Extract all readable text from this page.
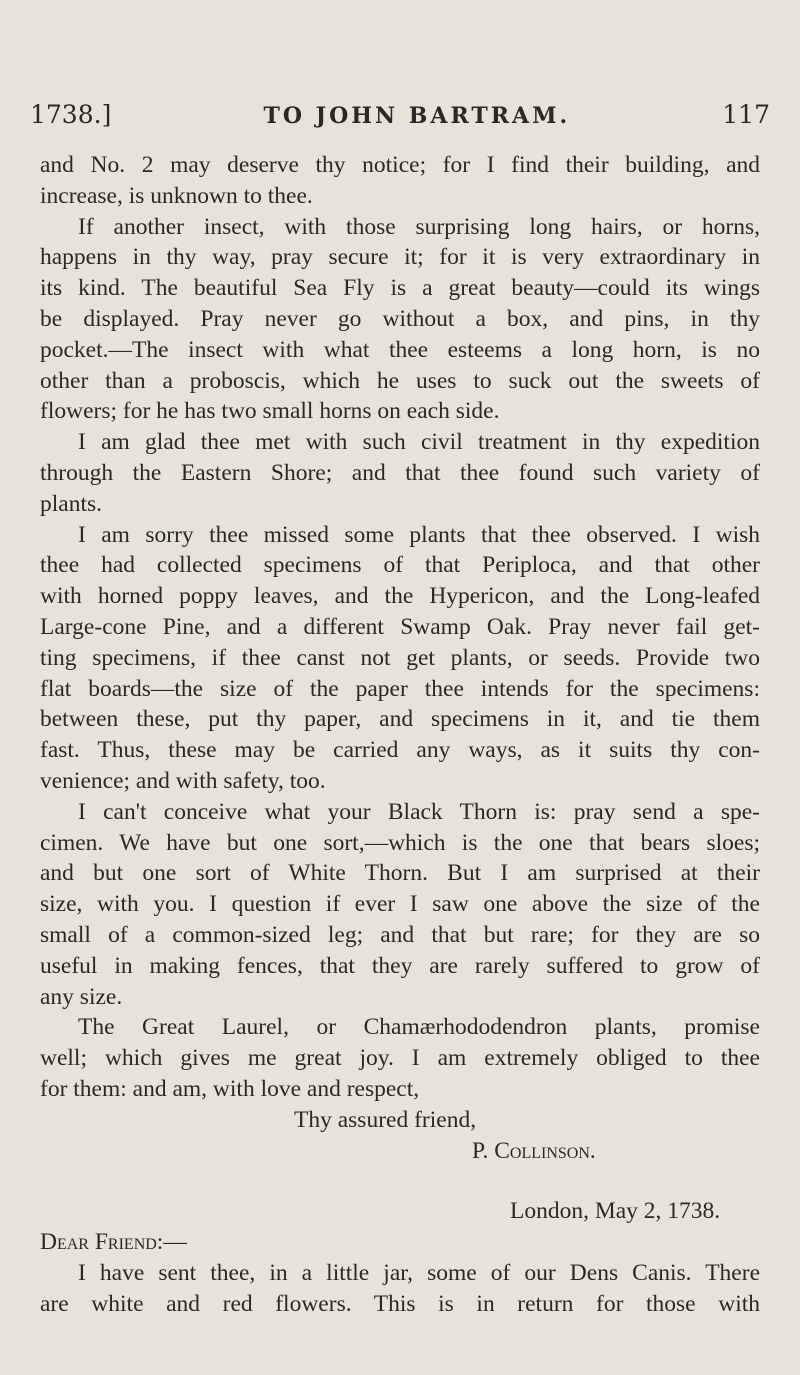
1738.]	TO JOHN BARTRAM.	117
and No. 2 may deserve thy notice; for I find their building, and
increase, is unknown to thee.
If another insect, with those surprising long hairs, or horns,
happens in thy way, pray secure it; for it is very extraordinary in
its kind. The beautiful Sea Fly is a great beauty—could its wings
be displayed. Pray never go without a box, and pins, in thy
pocket.—The insect with what thee esteems a long horn, is no
other than a proboscis, which he uses to suck out the sweets of
flowers; for he has two small horns on each side.
I am glad thee met with such civil treatment in thy expedition
through the Eastern Shore; and that thee found such variety of
plants.
I am sorry thee missed some plants that thee observed. I wish
thee had collected specimens of that Periploca, and that other
with horned poppy leaves, and the Hypericon, and the Long-leafed
Large-cone Pine, and a different Swamp Oak. Pray never fail get-
ting specimens, if thee canst not get plants, or seeds. Provide two
flat boards—the size of the paper thee intends for the specimens:
between these, put thy paper, and specimens in it, and tie them
fast. Thus, these may be carried any ways, as it suits thy con-
venience; and with safety, too.
I can't conceive what your Black Thorn is: pray send a spe-
cimen. We have but one sort,—which is the one that bears sloes;
and but one sort of White Thorn. But I am surprised at their
size, with you. I question if ever I saw one above the size of the
small of a common-sized leg; and that but rare; for they are so
useful in making fences, that they are rarely suffered to grow of
any size.
The Great Laurel, or Chamærhododendron plants, promise
well; which gives me great joy. I am extremely obliged to thee
for them: and am, with love and respect,
Thy assured friend,
P. Collinson.
London, May 2, 1738.
Dear Friend:—
I have sent thee, in a little jar, some of our Dens Canis. There
are white and red flowers. This is in return for those with
